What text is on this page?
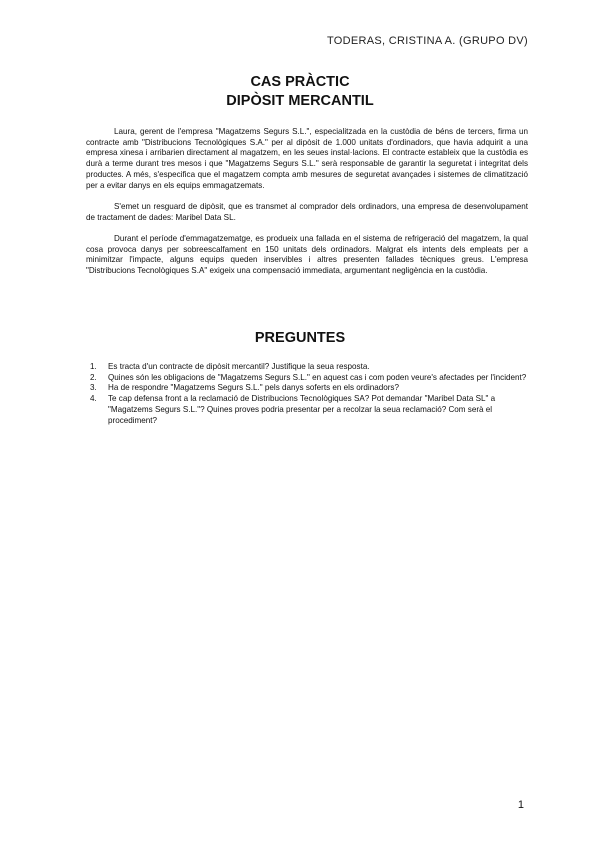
TODERAS, CRISTINA A. (GRUPO DV)
CAS PRÀCTIC
DIPÒSIT MERCANTIL

Laura, gerent de l'empresa "Magatzems Segurs S.L.", especialitzada en la custòdia de béns de tercers, firma un contracte amb "Distribucions Tecnològiques S.A." per al dipòsit de 1.000 unitats d'ordinadors, que havia adquirit a una empresa xinesa i arribarien directament al magatzem, en les seues instal·lacions. El contracte estableix que la custòdia es durà a terme durant tres mesos i que "Magatzems Segurs S.L." serà responsable de garantir la seguretat i integritat dels productes. A més, s'especifica que el magatzem compta amb mesures de seguretat avançades i sistemes de climatització per a evitar danys en els equips emmagatzemats.

S'emet un resguard de dipòsit, que es transmet al comprador dels ordinadors, una empresa de desenvolupament de tractament de dades: Maribel Data SL.

Durant el període d'emmagatzematge, es produeix una fallada en el sistema de refrigeració del magatzem, la qual cosa provoca danys per sobreescalfament en 150 unitats dels ordinadors. Malgrat els intents dels empleats per a minimitzar l'impacte, alguns equips queden inservibles i altres presenten fallades tècniques greus. L'empresa "Distribucions Tecnològiques S.A" exigeix una compensació immediata, argumentant negligència en la custòdia.

PREGUNTES
1. Es tracta d'un contracte de dipòsit mercantil? Justifique la seua resposta.
2. Quines són les obligacions de "Magatzems Segurs S.L." en aquest cas i com poden veure's afectades per l'incident?
3. Ha de respondre "Magatzems Segurs S.L." pels danys soferts en els ordinadors?
4. Te cap defensa front a la reclamació de Distribucions Tecnològiques SA? Pot demandar "Maribel Data SL" a "Magatzems Segurs S.L."? Quines proves podria presentar per a recolzar la seua reclamació? Com serà el procediment?
1
